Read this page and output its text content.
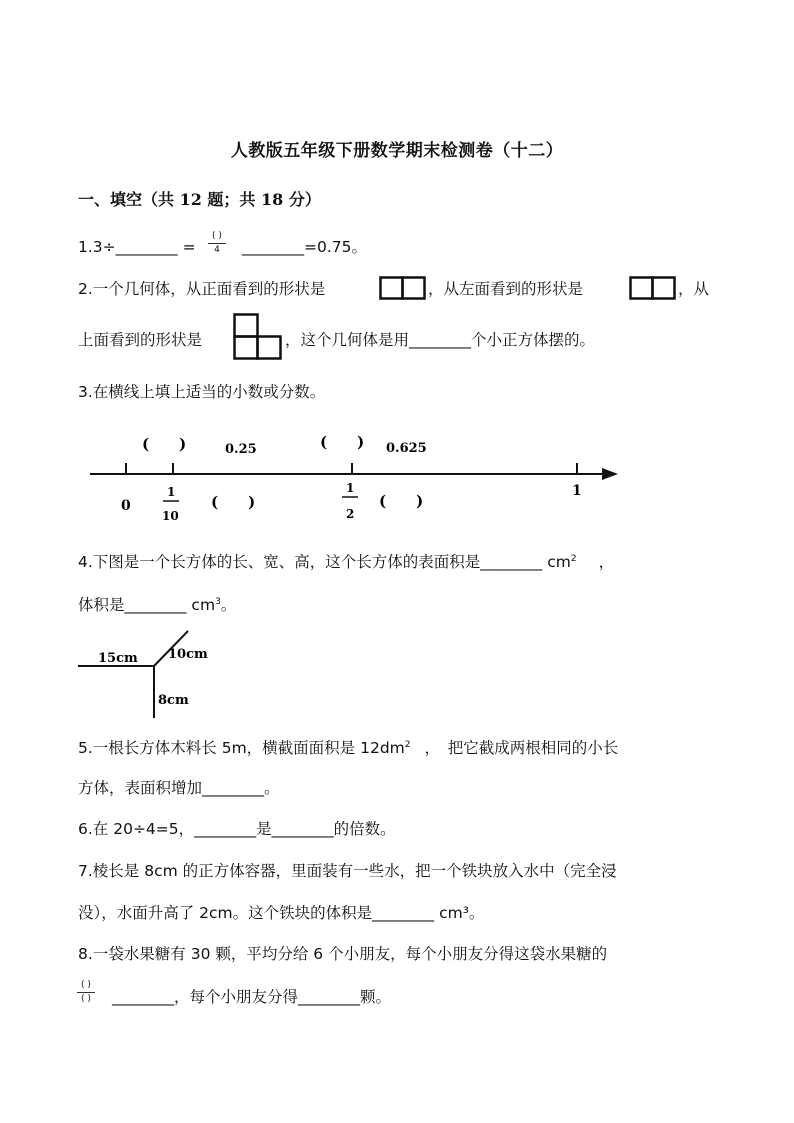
人教版五年级下册数学期末检测卷（十二）
一、填空（共 12 题；共 18 分）
1.3÷________ =
( )
4	________=0.75。
2.一个几何体，从正面看到的形状是	，从左面看到的形状是	，从
上面看到的形状是	，这个几何体是用________个小正方体摆的。
3.在横线上填上适当的小数或分数。
(　　)	0.25	(　　) 0.625
0
1
10
(　　)
1
2
(　　)
1
4.下图是一个长方体的长、宽、高，这个长方体的表面积是________ $cm^2$ ，
体积是________ $cm^3$。
15cm 10cm
8cm
5.一根长方体木料长 5m，横截面面积是 $12dm^2$ ，　把它截成两根相同的小长
方体，表面积增加________。
6.在 20÷4=5，________是________的倍数。
7.棱长是 8cm 的正方体容器，里面装有一些水，把一个铁块放入水中（完全浸
没），水面升高了 2cm。这个铁块的体积是________ cm³。
8.一袋水果糖有 30 颗，平均分给 6 个小朋友，每个小朋友分得这袋水果糖的
( )
( ) ________，每个小朋友分得________颗。
